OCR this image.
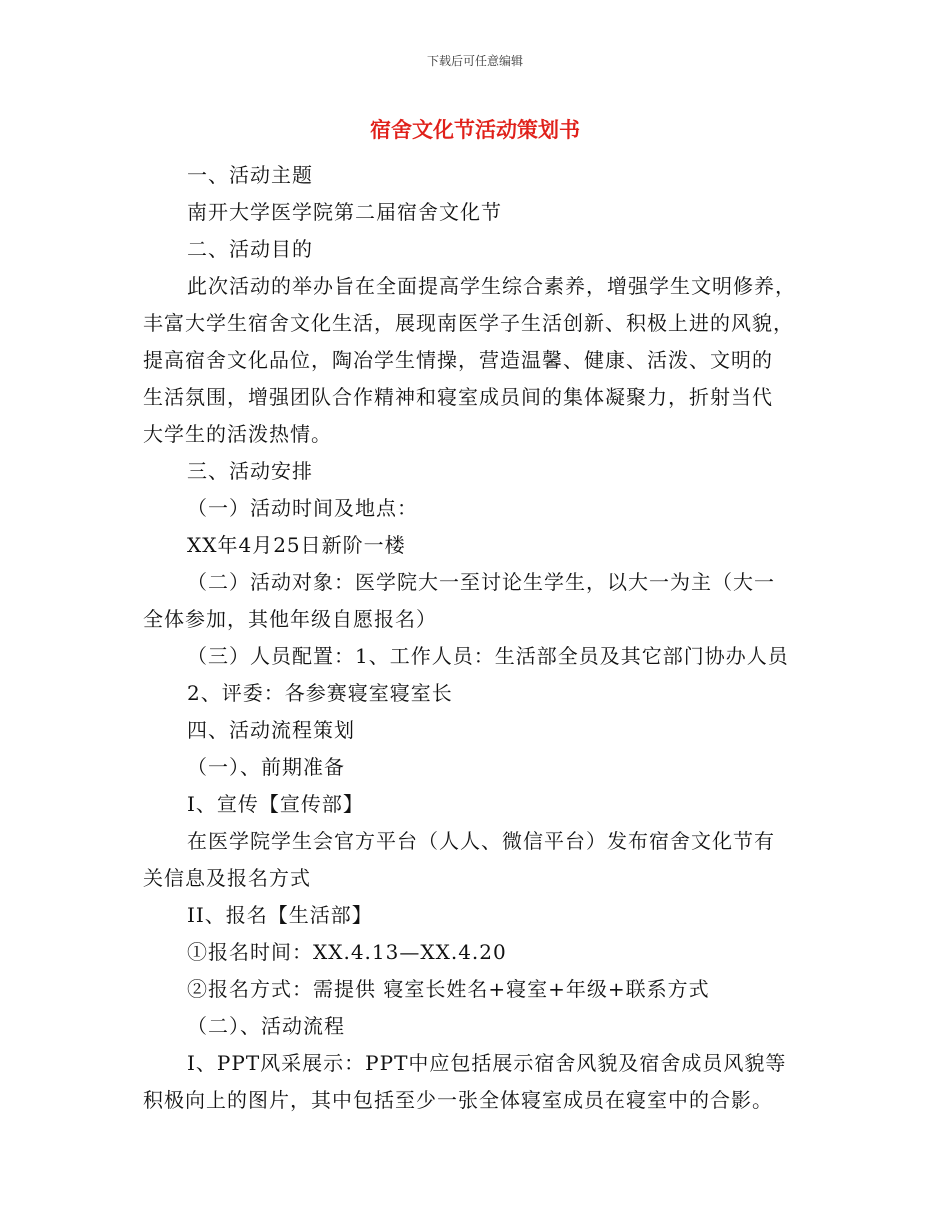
下载后可任意编辑
宿舍文化节活动策划书

一、活动主题

南开大学医学院第二届宿舍文化节

二、活动目的

此次活动的举办旨在全面提高学生综合素养，增强学生文明修养，

丰富大学生宿舍文化生活，展现南医学子生活创新、积极上进的风貌，

提高宿舍文化品位，陶冶学生情操，营造温馨、健康、活泼、文明的

生活氛围，增强团队合作精神和寝室成员间的集体凝聚力，折射当代

大学生的活泼热情。

三、活动安排

（一）活动时间及地点：

XX年4月25日新阶一楼

（二）活动对象：医学院大一至讨论生学生，以大一为主（大一

全体参加，其他年级自愿报名）

（三）人员配置：1、工作人员：生活部全员及其它部门协办人员

2、评委：各参赛寝室寝室长

四、活动流程策划

（一）、前期准备

I、宣传【宣传部】

在医学院学生会官方平台（人人、微信平台）发布宿舍文化节有

关信息及报名方式

II、报名【生活部】

①报名时间：XX.4.13—XX.4.20

②报名方式：需提供 寝室长姓名+寝室+年级+联系方式

（二）、活动流程

I、PPT风采展示：PPT中应包括展示宿舍风貌及宿舍成员风貌等

积极向上的图片，其中包括至少一张全体寝室成员在寝室中的合影。
